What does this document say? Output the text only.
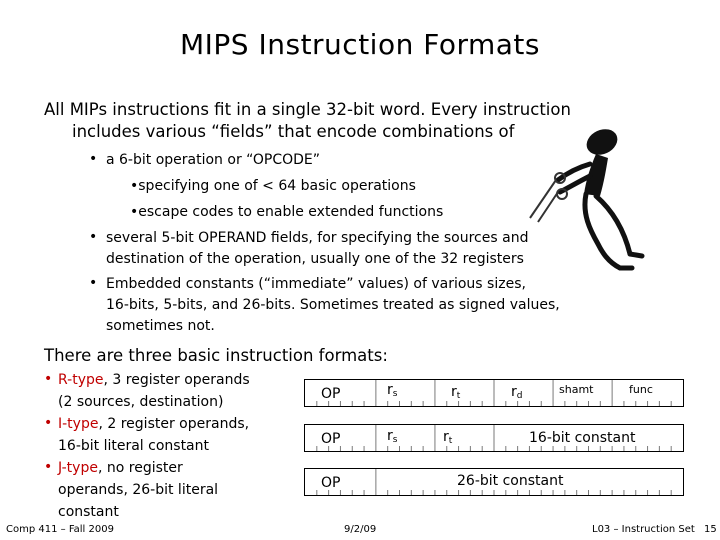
MIPS Instruction Formats
All MIPs instructions fit in a single 32-bit word. Every instruction
includes various “fields” that encode combinations of
• a 6-bit operation or “OPCODE”
•specifying one of < 64 basic operations
•escape codes to enable extended functions
• several 5-bit OPERAND fields, for specifying the sources and
destination of the operation, usually one of the 32 registers
• Embedded constants (“immediate” values) of various sizes,
16-bits, 5-bits, and 26-bits. Sometimes treated as signed values,
sometimes not.
There are three basic instruction formats:
• R-type, 3 register operands
(2 sources, destination)
• I-type, 2 register operands,
16-bit literal constant
• J-type, no register
operands, 26-bit literal
constant
OP	$r_s$	$r_t$	$r_d$	shamt	func
OP	$r_s$	$r_t$	16-bit constant
OP	26-bit constant
Comp 411 – Fall 2009	9/2/09	L03 – Instruction Set 15
